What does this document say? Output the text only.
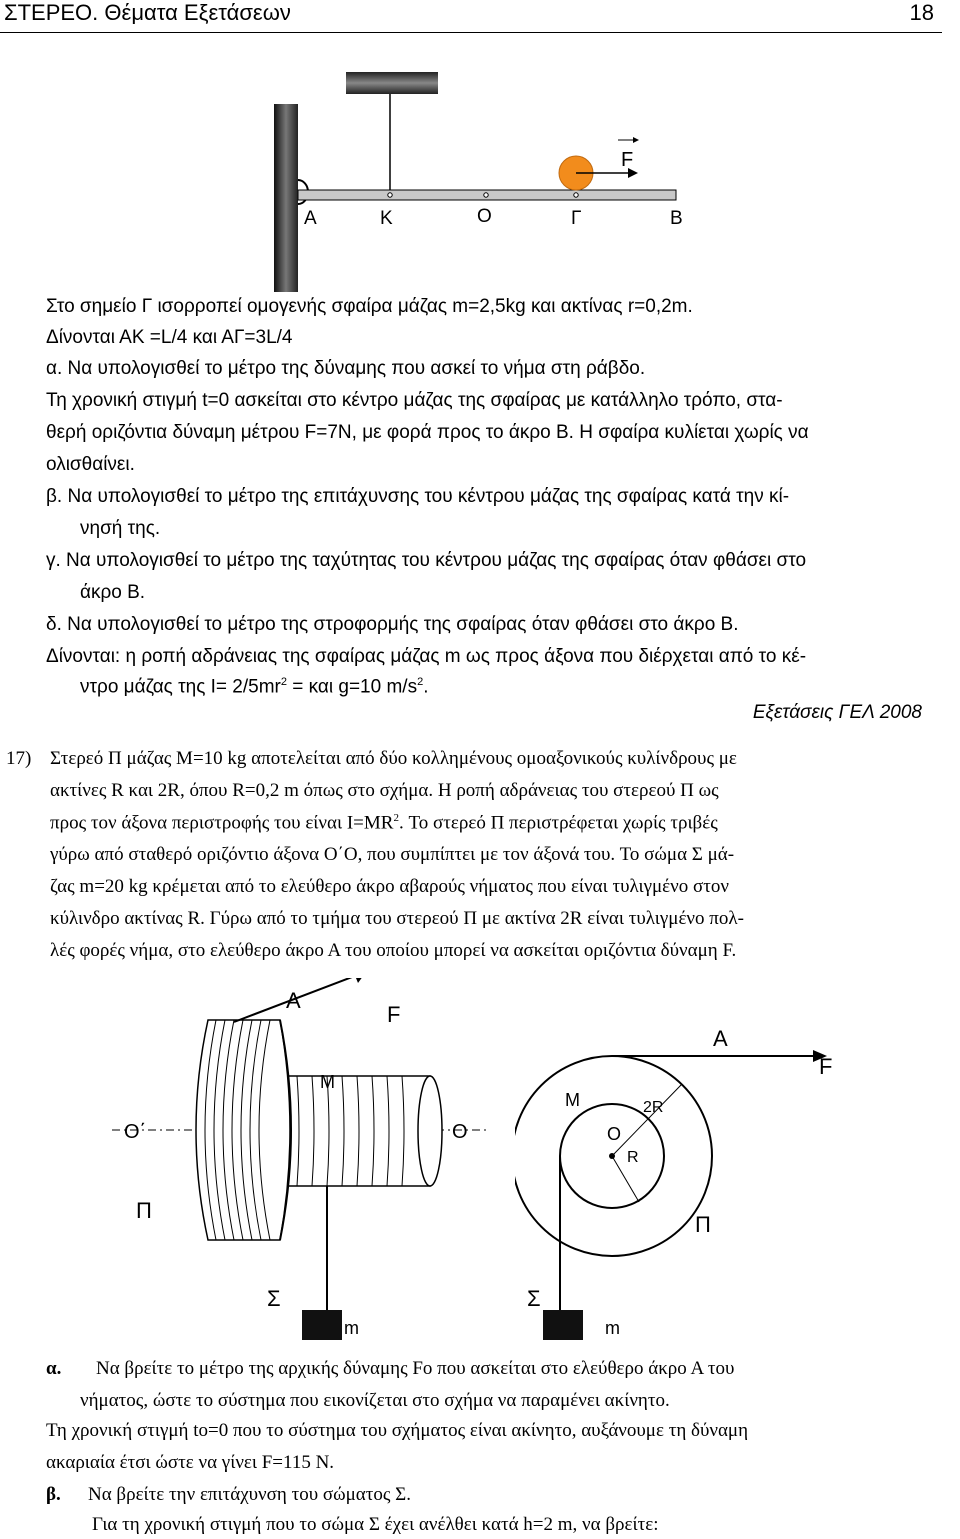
ΣΤΕΡΕΟ. Θέματα Εξετάσεων	18
F
Α	Κ	Ο	Γ	Β
Στο σημείο Γ ισορροπεί ομογενής σφαίρα μάζας m=2,5kg και ακτίνας r=0,2m.
Δίνονται ΑΚ =L/4 και ΑΓ=3L/4
α. Να υπολογισθεί το μέτρο της δύναμης που ασκεί το νήμα στη ράβδο.
Τη χρονική στιγμή t=0 ασκείται στο κέντρο μάζας της σφαίρας με κατάλληλο τρόπο, στα-
θερή οριζόντια δύναμη μέτρου F=7N, με φορά προς το άκρο Β. Η σφαίρα κυλίεται χωρίς να
ολισθαίνει.
β. Να υπολογισθεί το μέτρο της επιτάχυνσης του κέντρου μάζας της σφαίρας κατά την κί-
νησή της.
γ. Να υπολογισθεί το μέτρο της ταχύτητας του κέντρου μάζας της σφαίρας όταν φθάσει στο
άκρο Β.
δ. Να υπολογισθεί το μέτρο της στροφορμής της σφαίρας όταν φθάσει στο άκρο Β.
Δίνονται: η ροπή αδράνειας της σφαίρας μάζας m ως προς άξονα που διέρχεται από το κέ-
ντρο μάζας της $I= 2/5mr^2 = \kappa\alpha\iota$ g=10 $m/s^2$.
Εξετάσεις ΓΕΛ 2008
17) Στερεό Π μάζας Μ=10 kg αποτελείται από δύο κολλημένους ομοαξονικούς κυλίνδρους με
ακτίνες R και 2R, όπου R=0,2 m όπως στο σχήμα. Η ροπή αδράνειας του στερεού Π ως
προς τον άξονα περιστροφής του είναι $I=MR^2$. Το στερεό Π περιστρέφεται χωρίς τριβές
γύρω από σταθερό οριζόντιο άξονα Ο΄Ο, που συμπίπτει με τον άξονά του. Το σώμα Σ μά-
ζας m=20 kg κρέμεται από το ελεύθερο άκρο αβαρούς νήματος που είναι τυλιγμένο στον
κύλινδρο ακτίνας R. Γύρω από το τμήμα του στερεού Π με ακτίνα 2R είναι τυλιγμένο πολ-
λές φορές νήμα, στο ελεύθερο άκρο Α του οποίου μπορεί να ασκείται οριζόντια δύναμη F.
Α
F
M
O΄	O
Π
Σ
m
A
F
M	2R
O
R
Π
Σ
m
α. Να βρείτε το μέτρο της αρχικής δύναμης Fo που ασκείται στο ελεύθερο άκρο Α του
νήματος, ώστε το σύστημα που εικονίζεται στο σχήμα να παραμένει ακίνητο.
Τη χρονική στιγμή to=0 που το σύστημα του σχήματος είναι ακίνητο, αυξάνουμε τη δύναμη
ακαριαία έτσι ώστε να γίνει F=115 N.
β. Να βρείτε την επιτάχυνση του σώματος Σ.
Για τη χρονική στιγμή που το σώμα Σ έχει ανέλθει κατά h=2 m, να βρείτε:
